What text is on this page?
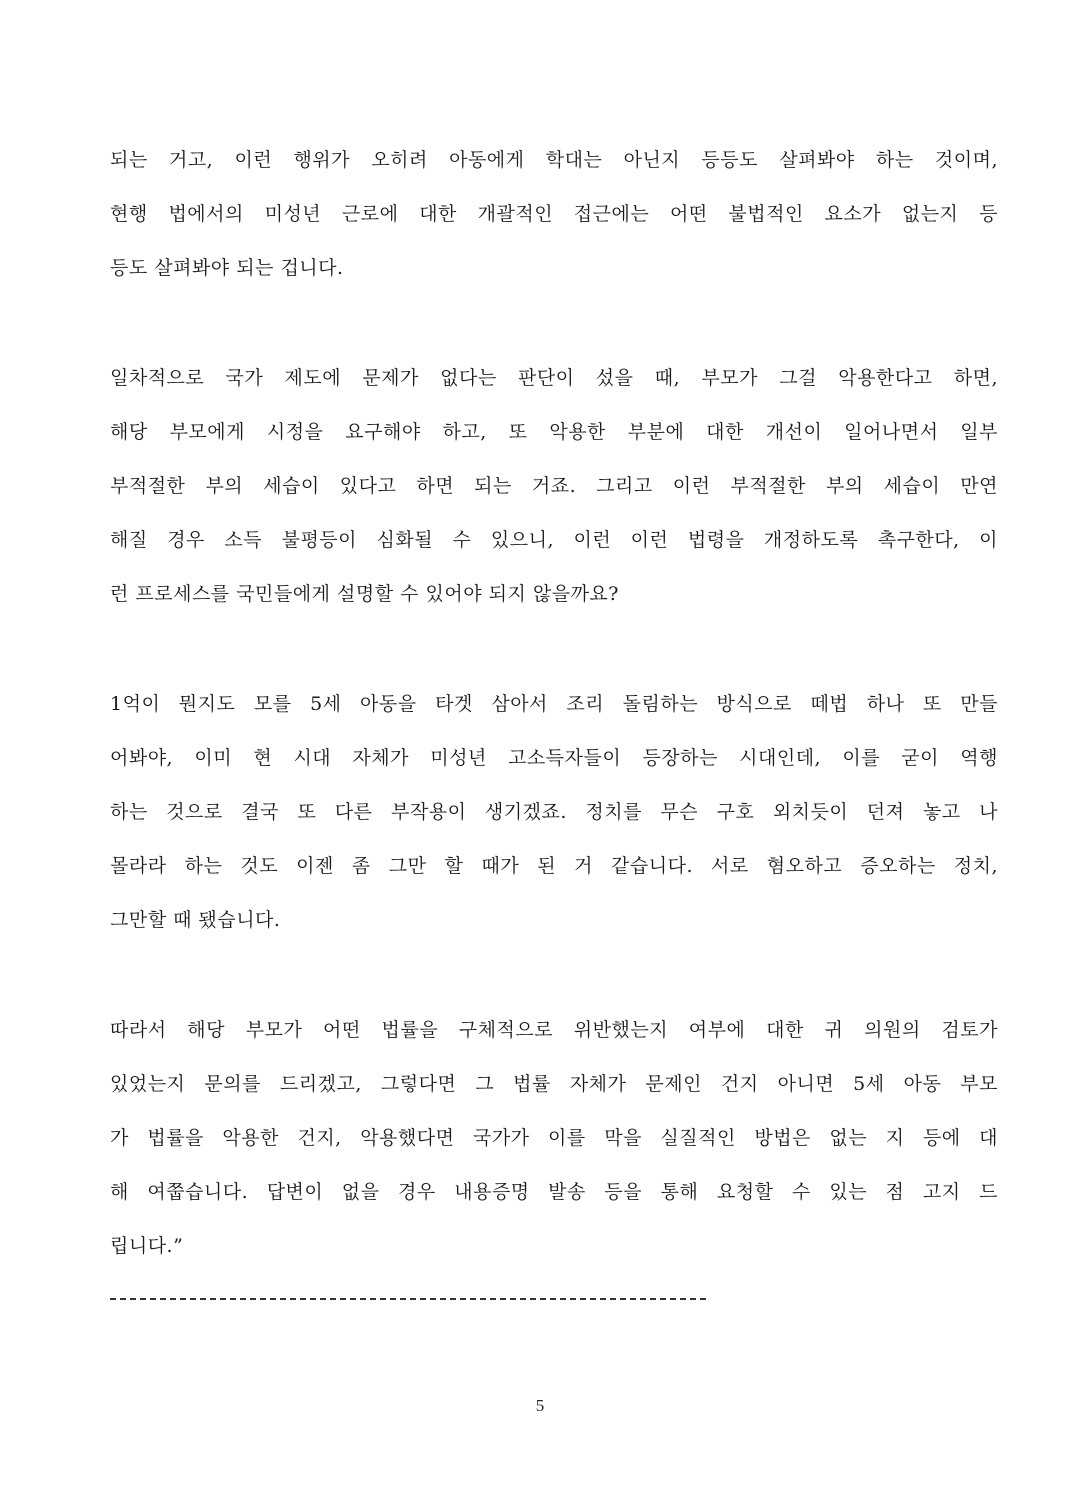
되는 거고, 이런 행위가 오히려 아동에게 학대는 아닌지 등등도 살펴봐야 하는 것이며,
현행 법에서의 미성년 근로에 대한 개괄적인 접근에는 어떤 불법적인 요소가 없는지 등
등도 살펴봐야 되는 겁니다.
일차적으로 국가 제도에 문제가 없다는 판단이 섰을 때, 부모가 그걸 악용한다고 하면,
해당 부모에게 시정을 요구해야 하고, 또 악용한 부분에 대한 개선이 일어나면서 일부
부적절한 부의 세습이 있다고 하면 되는 거죠. 그리고 이런 부적절한 부의 세습이 만연
해질 경우 소득 불평등이 심화될 수 있으니, 이런 이런 법령을 개정하도록 촉구한다, 이
런 프로세스를 국민들에게 설명할 수 있어야 되지 않을까요?
1억이 뭔지도 모를 5세 아동을 타겟 삼아서 조리 돌림하는 방식으로 떼법 하나 또 만들
어봐야, 이미 현 시대 자체가 미성년 고소득자들이 등장하는 시대인데, 이를 굳이 역행
하는 것으로 결국 또 다른 부작용이 생기겠죠. 정치를 무슨 구호 외치듯이 던져 놓고 나
몰라라 하는 것도 이젠 좀 그만 할 때가 된 거 같습니다. 서로 혐오하고 증오하는 정치,
그만할 때 됐습니다.
따라서 해당 부모가 어떤 법률을 구체적으로 위반했는지 여부에 대한 귀 의원의 검토가
있었는지 문의를 드리겠고, 그렇다면 그 법률 자체가 문제인 건지 아니면 5세 아동 부모
가 법률을 악용한 건지, 악용했다면 국가가 이를 막을 실질적인 방법은 없는 지 등에 대
해 여쭙습니다. 답변이 없을 경우 내용증명 발송 등을 통해 요청할 수 있는 점 고지 드
립니다.”
5
